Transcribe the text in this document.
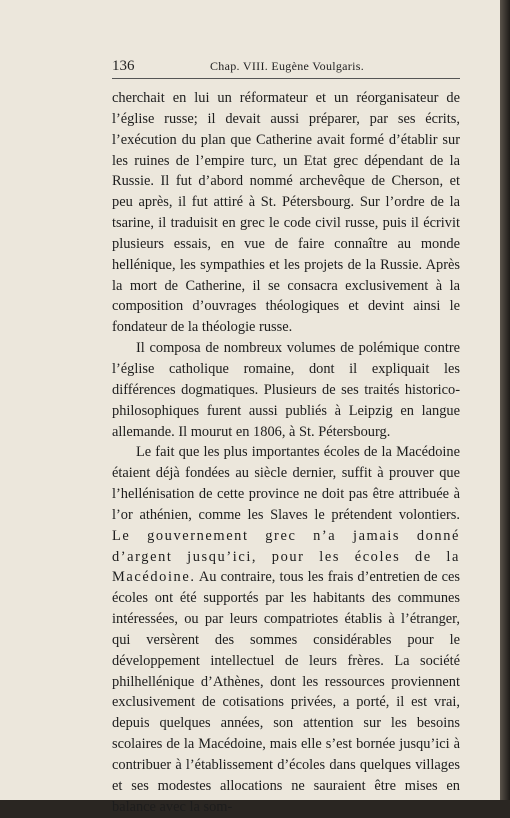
136	Chap. VIII. Eugène Voulgaris.

cherchait en lui un réformateur et un réorganisateur de l’église russe; il devait aussi préparer, par ses écrits, l’exécution du plan que Catherine avait formé d’établir sur les ruines de l’empire turc, un Etat grec dépendant de la Russie. Il fut d’abord nommé archevêque de Cherson, et peu après, il fut attiré à St. Pétersbourg. Sur l’ordre de la tsarine, il traduisit en grec le code civil russe, puis il écrivit plusieurs essais, en vue de faire connaître au monde hellénique, les sympathies et les projets de la Russie. Après la mort de Catherine, il se consacra exclusivement à la composition d’ouvrages théologiques et devint ainsi le fondateur de la théologie russe.

Il composa de nombreux volumes de polémique contre l’église catholique romaine, dont il expliquait les différences dogmatiques. Plusieurs de ses traités historico-philosophiques furent aussi publiés à Leipzig en langue allemande. Il mourut en 1806, à St. Pétersbourg.

Le fait que les plus importantes écoles de la Macédoine étaient déjà fondées au siècle dernier, suffit à prouver que l’hellénisation de cette province ne doit pas être attribuée à l’or athénien, comme les Slaves le prétendent volontiers. Le gouvernement grec n’a jamais donné d’argent jusqu’ici, pour les écoles de la Macédoine. Au contraire, tous les frais d’entretien de ces écoles ont été supportés par les habitants des communes intéressées, ou par leurs compatriotes établis à l’étranger, qui versèrent des sommes considérables pour le développement intellectuel de leurs frères. La société philhellénique d’Athènes, dont les ressources proviennent exclusivement de cotisations privées, a porté, il est vrai, depuis quelques années, son attention sur les besoins scolaires de la Macédoine, mais elle s’est bornée jusqu’ici à contribuer à l’établissement d’écoles dans quelques villages et ses modestes allocations ne sauraient être mises en balance avec la som-
